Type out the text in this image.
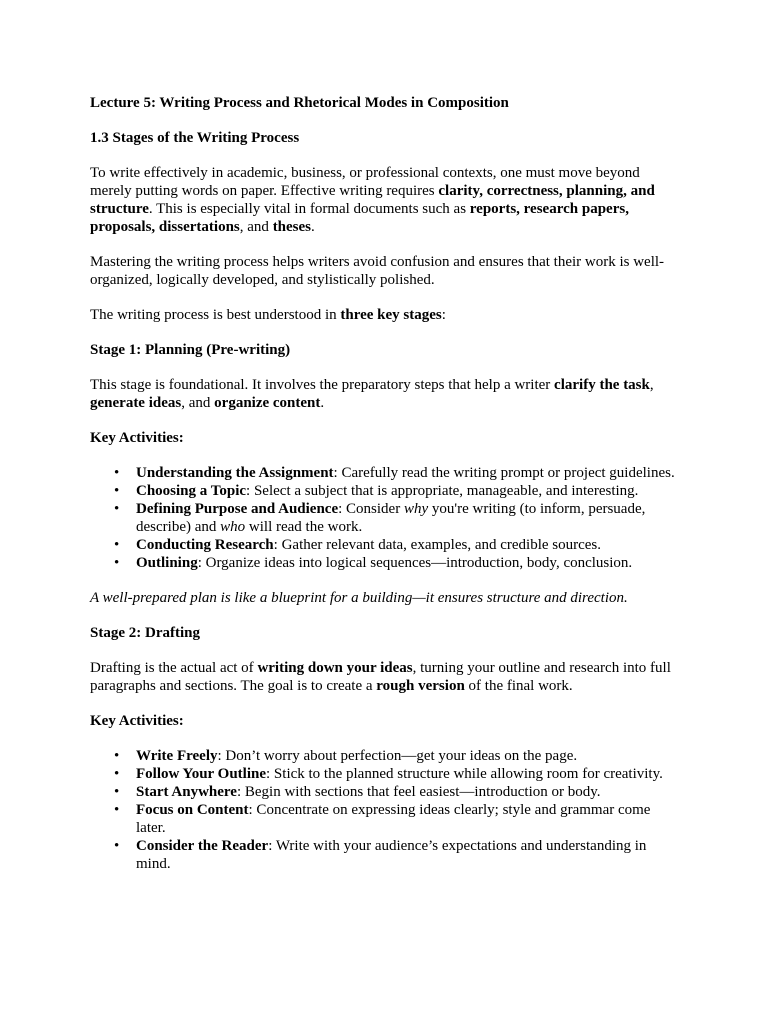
Lecture 5: Writing Process and Rhetorical Modes in Composition

1.3 Stages of the Writing Process

To write effectively in academic, business, or professional contexts, one must move beyond merely putting words on paper. Effective writing requires clarity, correctness, planning, and structure. This is especially vital in formal documents such as reports, research papers, proposals, dissertations, and theses.

Mastering the writing process helps writers avoid confusion and ensures that their work is well-organized, logically developed, and stylistically polished.

The writing process is best understood in three key stages:

Stage 1: Planning (Pre-writing)

This stage is foundational. It involves the preparatory steps that help a writer clarify the task, generate ideas, and organize content.

Key Activities:

• Understanding the Assignment: Carefully read the writing prompt or project guidelines.
• Choosing a Topic: Select a subject that is appropriate, manageable, and interesting.
• Defining Purpose and Audience: Consider why you're writing (to inform, persuade, describe) and who will read the work.
• Conducting Research: Gather relevant data, examples, and credible sources.
• Outlining: Organize ideas into logical sequences—introduction, body, conclusion.

A well-prepared plan is like a blueprint for a building—it ensures structure and direction.

Stage 2: Drafting

Drafting is the actual act of writing down your ideas, turning your outline and research into full paragraphs and sections. The goal is to create a rough version of the final work.

Key Activities:

• Write Freely: Don’t worry about perfection—get your ideas on the page.
• Follow Your Outline: Stick to the planned structure while allowing room for creativity.
• Start Anywhere: Begin with sections that feel easiest—introduction or body.
• Focus on Content: Concentrate on expressing ideas clearly; style and grammar come later.
• Consider the Reader: Write with your audience’s expectations and understanding in mind.
